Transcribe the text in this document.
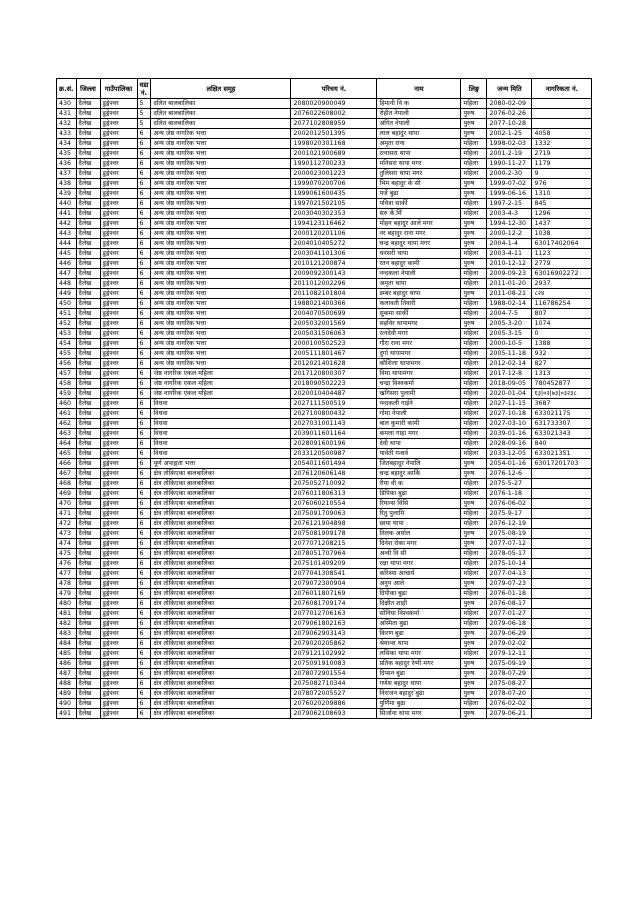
क्र.सं.	जिल्ला	गाउँपालिका	वडा नं.	लक्षित समूह	परिचय नं.	नाम	लिङ्ग	जन्म मिति	नागरिकता नं.
430	दैलेख	डुङ्गेश्वर	5	दलित बालबालिका	2080020900049	हिमानी वि क	महिला	2080-02-09	
431	दैलेख	डुङ्गेश्वर	5	दलित बालबालिका	2076022608002	रोहीत नेपाली	पुरुष	2076-02-26	
432	दैलेख	डुङ्गेश्वर	5	दलित बालबालिका	2077102808959	अंगित नेपाली	पुरुष	2077-10-28	
433	दैलेख	डुङ्गेश्वर	6	अन्य जेष्ठ नागरिक भत्ता	2002012501395	लाल बहादुर थापा	पुरुष	2002-1-25	4058
434	दैलेख	डुङ्गेश्वर	6	अन्य जेष्ठ नागरिक भत्ता	1998020301168	अमृता राना	महिला	1998-02-03	1332
435	दैलेख	डुङ्गेश्वर	6	अन्य जेष्ठ नागरिक भत्ता	2001021900689	रत्नासरा थापा	महिला	2001-2-19	2719
436	दैलेख	डुङ्गेश्वर	6	अन्य जेष्ठ नागरिक भत्ता	1990112700233	मनिसरा थापा मगर	महिला	1990-11-27	1179
437	दैलेख	डुङ्गेश्वर	6	अन्य जेष्ठ नागरिक भत्ता	2000023001223	तुलिसरा थापा मगर	महिला	2000-2-30	9
438	दैलेख	डुङ्गेश्वर	6	अन्य जेष्ठ नागरिक भत्ता	1999070200706	भिम बहादुर के सी	पुरुष	1999-07-02	976
439	दैलेख	डुङ्गेश्वर	6	अन्य जेष्ठ नागरिक भत्ता	1999061600435	पर्जे बुढा	पुरुष	1999-06-16	1310
440	दैलेख	डुङ्गेश्वर	6	अन्य जेष्ठ नागरिक भत्ता	1997021502105	पवित्रा सार्की	महिला	1997-2-15	845
441	दैलेख	डुङ्गेश्वर	6	अन्य जेष्ठ नागरिक भत्ता	2003040302353	सरु कँ.मिँ	महिला	2003-4-3	1296
442	दैलेख	डुङ्गेश्वर	6	अन्य जेष्ठ नागरिक भत्ता	1994123116462	मोहन बहादुर आले मगर	पुरुष	1994-12-30	1437
443	दैलेख	डुङ्गेश्वर	6	अन्य जेष्ठ नागरिक भत्ता	2000120201106	नर बहादुर राना मगर	पुरुष	2000-12-2	1038
444	दैलेख	डुङ्गेश्वर	6	अन्य जेष्ठ नागरिक भत्ता	2004010405272	चन्द्र बहादुर थापा मगर	पुरुष	2004-1-4	63017402064
445	दैलेख	डुङ्गेश्वर	6	अन्य जेष्ठ नागरिक भत्ता	2003041101306	धनसरी थापा	महिला	2003-4-11	1123
446	दैलेख	डुङ्गेश्वर	6	अन्य जेष्ठ नागरिक भत्ता	2010121200874	रतन बहादुर कामी	पुरुष	2010-12-12	2779
447	दैलेख	डुङ्गेश्वर	6	अन्य जेष्ठ नागरिक भत्ता	2009092300143	नन्दकला नेपाली	महिला	2009-09-23	63016902272
448	दैलेख	डुङ्गेश्वर	6	अन्य जेष्ठ नागरिक भत्ता	2011012002296	अमृता थापा	महिला	2011-01-20	2937
449	दैलेख	डुङ्गेश्वर	6	अन्य जेष्ठ नागरिक भत्ता	2011082101804	डम्बर बहादुर थापा	पुरुष	2011-08-21	८२४
450	दैलेख	डुङ्गेश्वर	6	अन्य जेष्ठ नागरिक भत्ता	1988021400366	कलावती तिवारी	महिला	1988-02-14	116786254
451	दैलेख	डुङ्गेश्वर	6	अन्य जेष्ठ नागरिक भत्ता	2004070500699	सुकमा सार्की	महिला	2004-7-5	807
452	दैलेख	डुङ्गेश्वर	6	अन्य जेष्ठ नागरिक भत्ता	2005032001569	सहविर थापामगर	पुरुष	2005-3-20	1074
453	दैलेख	डुङ्गेश्वर	6	अन्य जेष्ठ नागरिक भत्ता	2005031506063	रत्नदेवी मगर	महिला	2005-3-15	0
454	दैलेख	डुङ्गेश्वर	6	अन्य जेष्ठ नागरिक भत्ता	2000100502523	गौरा राना मगर	महिला	2000-10-5	1388
455	दैलेख	डुङ्गेश्वर	6	अन्य जेष्ठ नागरिक भत्ता	2005111801467	दुर्गा थापामगर	महिला	2005-11-18	932
456	दैलेख	डुङ्गेश्वर	6	अन्य जेष्ठ नागरिक भत्ता	2012021401628	कौशिला थापामगर	महिला	2012-02-14	827
457	दैलेख	डुङ्गेश्वर	6	जेष्ठ नागरिक एकल महिला	2017120800307	विमा थापामगर	महिला	2017-12-8	1313
458	दैलेख	डुङ्गेश्वर	6	जेष्ठ नागरिक एकल महिला	2018090502223	चन्द्रा विश्वकर्मा	महिला	2018-09-05	780452877
459	दैलेख	डुङ्गेश्वर	6	जेष्ठ नागरिक एकल महिला	2020010404487	खगिसरा पुलामी	महिला	2020-01-04	६३|०२|७३|०३२३८
460	दैलेख	डुङ्गेश्वर	6	विधवा	2027111500519	नन्दकली गाईने	महिला	2027-11-15	3687
461	दैलेख	डुङ्गेश्वर	6	विधवा	2027100800432	गोमा नेपाली	महिला	2027-10-18	633021175
462	दैलेख	डुङ्गेश्वर	6	विधवा	2027031001143	बाल कुमारी कामी	महिला	2027-03-10	631733307
463	दैलेख	डुङ्गेश्वर	6	विधवा	2039011601164	कमला गाहा मगर	महिला	2039-01-16	633021343
464	दैलेख	डुङ्गेश्वर	6	विधवा	2028091600196	देवी थापा	महिला	2028-09-16	840
465	दैलेख	डुङ्गेश्वर	6	विधवा	2033120500987	पार्वती गन्धर्व	महिला	2033-12-05	633021351
466	दैलेख	डुङ्गेश्वर	6	पूर्ण अपाङ्गता भत्ता	2054011601494	जितबहादुर नेपालि	पुरुष	2054-01-16	63017201703
467	दैलेख	डुङ्गेश्वर	6	क्षेत्र तोकिएका बालबालिका	2076120606148	चन्द्र बहादुर कार्कि	पुरुष	2076-12-6	
468	दैलेख	डुङ्गेश्वर	6	क्षेत्र तोकिएका बालबालिका	2075052710092	रीया वी क	महिला	2075-5-27	
469	दैलेख	डुङ्गेश्वर	6	क्षेत्र तोकिएका बालबालिका	2076011806313	डिपिका बुढा	महिला	2076-1-18	
470	दैलेख	डुङ्गेश्वर	6	क्षेत्र तोकिएका बालबालिका	2076060210554	रियान्स विसि	पुरुष	2076-06-02	
471	दैलेख	डुङ्गेश्वर	6	क्षेत्र तोकिएका बालबालिका	2075091709063	रितु पुलामि	महिला	2075-9-17	
472	दैलेख	डुङ्गेश्वर	6	क्षेत्र तोकिएका बालबालिका	2076121904898	छाया थापा	महिला	2076-12-19	
473	दैलेख	डुङ्गेश्वर	6	क्षेत्र तोकिएका बालबालिका	2075081909178	तिलक अर्याल	पुरुष	2075-08-19	
474	दैलेख	डुङ्गेश्वर	6	क्षेत्र तोकिएका बालबालिका	2077071208215	दिनेश रोका मगर	पुरुष	2077-07-12	
475	दैलेख	डुङ्गेश्वर	6	क्षेत्र तोकिएका बालबालिका	2078051707964	अन्वी वि सी	महिला	2078-05-17	
476	दैलेख	डुङ्गेश्वर	6	क्षेत्र तोकिएका बालबालिका	2075101409209	रक्षा थापा मगर	महिला	2075-10-14	
477	दैलेख	डुङ्गेश्वर	6	क्षेत्र तोकिएका बालबालिका	2077041308541	करिश्मा आचार्य	महिला	2077-04-13	
478	दैलेख	डुङ्गेश्वर	6	क्षेत्र तोकिएका बालबालिका	2079072300904	अनुप आले	पुरुष	2079-07-23	
479	दैलेख	डुङ्गेश्वर	6	क्षेत्र तोकिएका बालबालिका	2076011807169	दिपीका बुढा	महिला	2076-01-18	
480	दैलेख	डुङ्गेश्वर	6	क्षेत्र तोकिएका बालबालिका	2076081709174	दिक्षीत शाही	पुरुष	2076-08-17	
481	दैलेख	डुङ्गेश्वर	6	क्षेत्र तोकिएका बालबालिका	2077012706163	सोनिया विश्वकर्मा	महिला	2077-01-27	
482	दैलेख	डुङ्गेश्वर	6	क्षेत्र तोकिएका बालबालिका	2079061802163	अस्मिता बुढा	महिला	2079-06-18	
483	दैलेख	डुङ्गेश्वर	6	क्षेत्र तोकिएका बालबालिका	2079062903143	किरण बुढा	पुरुष	2079-06-29	
484	दैलेख	डुङ्गेश्वर	6	क्षेत्र तोकिएका बालबालिका	2079020205862	श्रेयान्श थापा	पुरुष	2079-02-02	
485	दैलेख	डुङ्गेश्वर	6	क्षेत्र तोकिएका बालबालिका	2079121102992	लसिका थापा मगर	महिला	2079-12-11	
486	दैलेख	डुङ्गेश्वर	6	क्षेत्र तोकिएका बालबालिका	2075091910083	प्रतिक बहादुर रेग्मी मगर	पुरुष	2075-09-19	
487	दैलेख	डुङ्गेश्वर	6	क्षेत्र तोकिएका बालबालिका	2078072901554	दिप्सन बुढा	पुरुष	2078-07-29	
488	दैलेख	डुङ्गेश्वर	6	क्षेत्र तोकिएका बालबालिका	2075082710344	गणेश बहादुर थापा	पुरुष	2075-08-27	
489	दैलेख	डुङ्गेश्वर	6	क्षेत्र तोकिएका बालबालिका	2078072005527	निराजन बहादुर बुढा	पुरुष	2078-07-20	
490	दैलेख	डुङ्गेश्वर	6	क्षेत्र तोकिएका बालबालिका	2076020209886	पुर्णिमा बुढा	महिला	2076-02-02	
491	दैलेख	डुङ्गेश्वर	6	क्षेत्र तोकिएका बालबालिका	2079062108693	सिर्जाना थापा मगर	पुरुष	2079-06-21	
